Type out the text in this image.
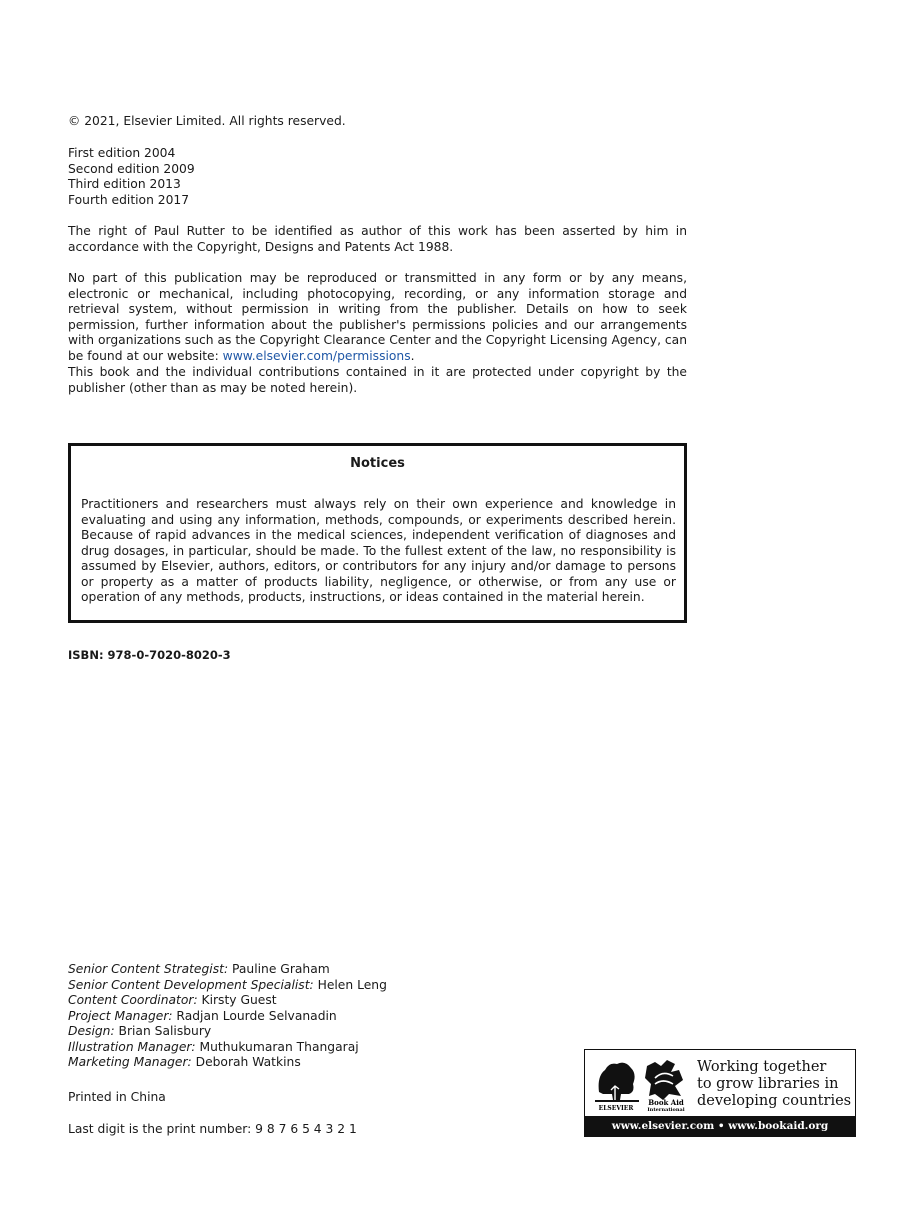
© 2021, Elsevier Limited. All rights reserved.

First edition 2004

Second edition 2009

Third edition 2013

Fourth edition 2017

The right of Paul Rutter to be identified as author of this work has been asserted by him in accordance with the Copyright, Designs and Patents Act 1988.

No part of this publication may be reproduced or transmitted in any form or by any means, electronic or mechanical, including photocopying, recording, or any information storage and retrieval system, without permission in writing from the publisher. Details on how to seek permission, further information about the publisher's permissions policies and our arrangements with organizations such as the Copyright Clearance Center and the Copyright Licensing Agency, can be found at our website: www.elsevier.com/permissions.

This book and the individual contributions contained in it are protected under copyright by the publisher (other than as may be noted herein).

Notices
Practitioners and researchers must always rely on their own experience and knowledge in evaluating and using any information, methods, compounds, or experiments described herein. Because of rapid advances in the medical sciences, independent verification of diagnoses and drug dosages, in particular, should be made. To the fullest extent of the law, no responsibility is assumed by Elsevier, authors, editors, or contributors for any injury and/or damage to persons or property as a matter of products liability, negligence, or otherwise, or from any use or operation of any methods, products, instructions, or ideas contained in the material herein.
ISBN: 978-0-7020-8020-3

Senior Content Strategist: Pauline Graham

Senior Content Development Specialist: Helen Leng

Content Coordinator: Kirsty Guest

Project Manager: Radjan Lourde Selvanadin

Design: Brian Salisbury

Illustration Manager: Muthukumaran Thangaraj

Marketing Manager: Deborah Watkins

Printed in China
Last digit is the print number: 9 8 7 6 5 4 3 2 1
ELSEVIER
Book Aid
International
Working together
to grow libraries in
developing countries
www.elsevier.com • www.bookaid.org
